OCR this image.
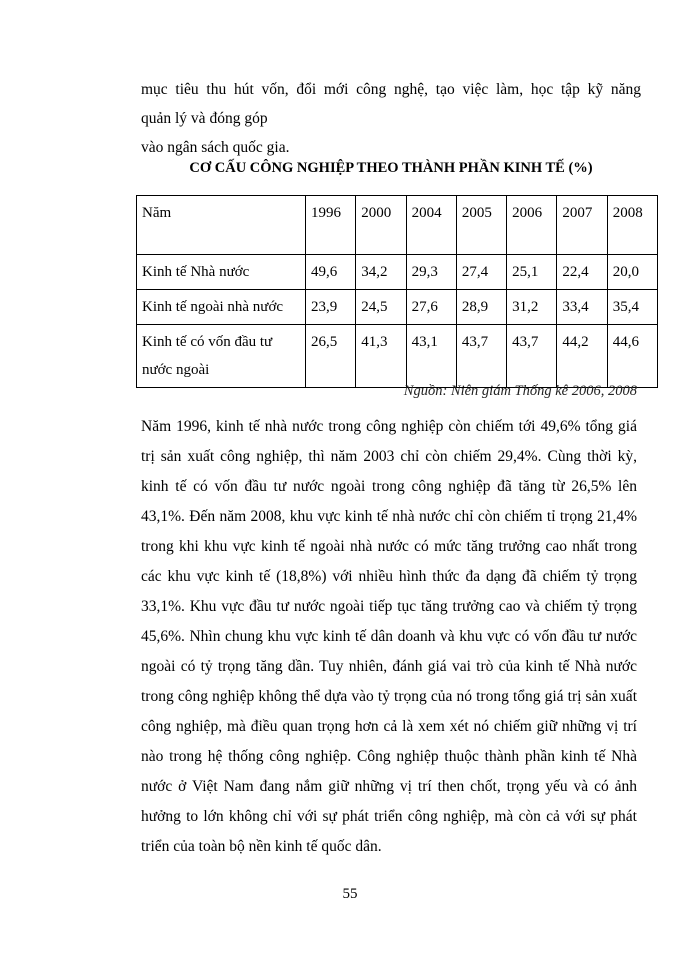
mục tiêu thu hút vốn, đổi mới công nghệ, tạo việc làm, học tập kỹ năng

quản lý và đóng góp

vào ngân sách quốc gia.

CƠ CẤU CÔNG NGHIỆP THEO THÀNH PHẦN KINH TẾ (%)
Năm	1996	2000	2004	2005	2006	2007	2008
Kinh tế Nhà nước	49,6	34,2	29,3	27,4	25,1	22,4	20,0
Kinh tế ngoài nhà nước	23,9	24,5	27,6	28,9	31,2	33,4	35,4
Kinh tế có vốn đầu tư nước ngoài	26,5	41,3	43,1	43,7	43,7	44,2	44,6
Nguồn: Niên giám Thống kê 2006, 2008

Năm 1996, kinh tế nhà nước trong công nghiệp còn chiếm tới 49,6% tổng giá trị sản xuất công nghiệp, thì năm 2003 chỉ còn chiếm 29,4%. Cùng thời kỳ, kinh tế có vốn đầu tư nước ngoài trong công nghiệp đã tăng từ 26,5% lên 43,1%. Đến năm 2008, khu vực kinh tế nhà nước chỉ còn chiếm tỉ trọng 21,4% trong khi khu vực kinh tế ngoài nhà nước có mức tăng trưởng cao nhất trong các khu vực kinh tế (18,8%) với nhiều hình thức đa dạng đã chiếm tỷ trọng 33,1%. Khu vực đầu tư nước ngoài tiếp tục tăng trưởng cao và chiếm tỷ trọng 45,6%. Nhìn chung khu vực kinh tế dân doanh và khu vực có vốn đầu tư nước ngoài có tỷ trọng tăng dần. Tuy nhiên, đánh giá vai trò của kinh tế Nhà nước trong công nghiệp không thể dựa vào tỷ trọng của nó trong tổng giá trị sản xuất công nghiệp, mà điều quan trọng hơn cả là xem xét nó chiếm giữ những vị trí nào trong hệ thống công nghiệp. Công nghiệp thuộc thành phần kinh tế Nhà nước ở Việt Nam đang nắm giữ những vị trí then chốt, trọng yếu và có ảnh hưởng to lớn không chỉ với sự phát triển công nghiệp, mà còn cả với sự phát triển của toàn bộ nền kinh tế quốc dân.

55
